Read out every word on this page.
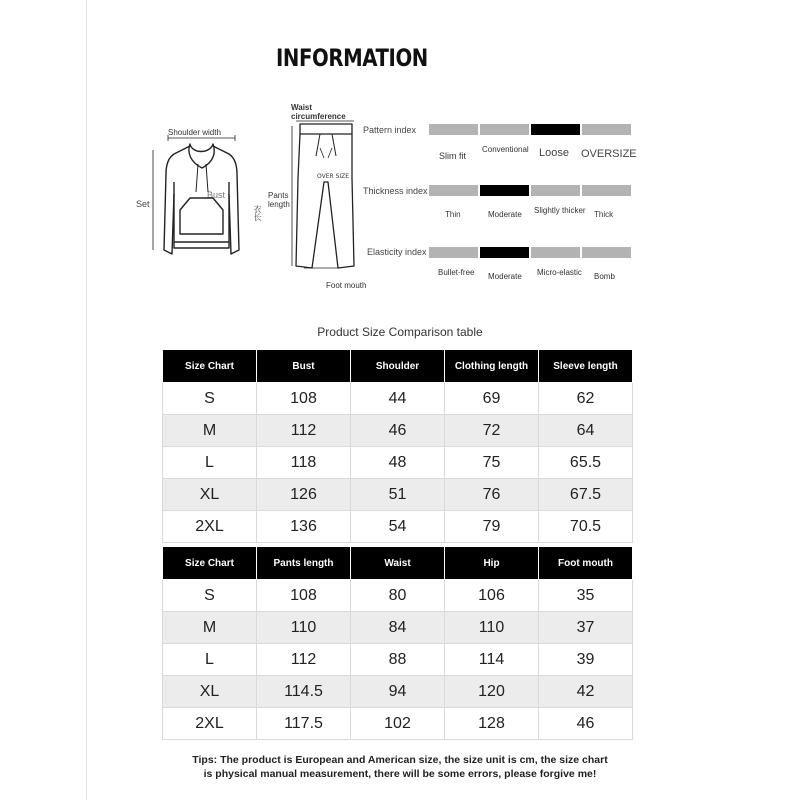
INFORMATION
Shoulder width
Set
Bust
衣长
Waist circumference
Pants length
Foot mouth
OVER SIZE
Pattern index
Slim fit
Conventional Loose OVERSIZE
Thickness index
Thin	Moderate Slightly thicker Thick
Elasticity index
Bullet-free Moderate Micro-elastic Bomb
Product Size Comparison table
Size Chart	Bust	Shoulder	Clothing length	Sleeve length
S	108	44	69	62
M	112	46	72	64
L	118	48	75	65.5
XL	126	51	76	67.5
2XL	136	54	79	70.5
Size Chart	Pants length	Waist	Hip	Foot mouth
S	108	80	106	35
M	110	84	110	37
L	112	88	114	39
XL	114.5	94	120	42
2XL	117.5	102	128	46
Tips: The product is European and American size, the size unit is cm, the size chart
is physical manual measurement, there will be some errors, please forgive me!
